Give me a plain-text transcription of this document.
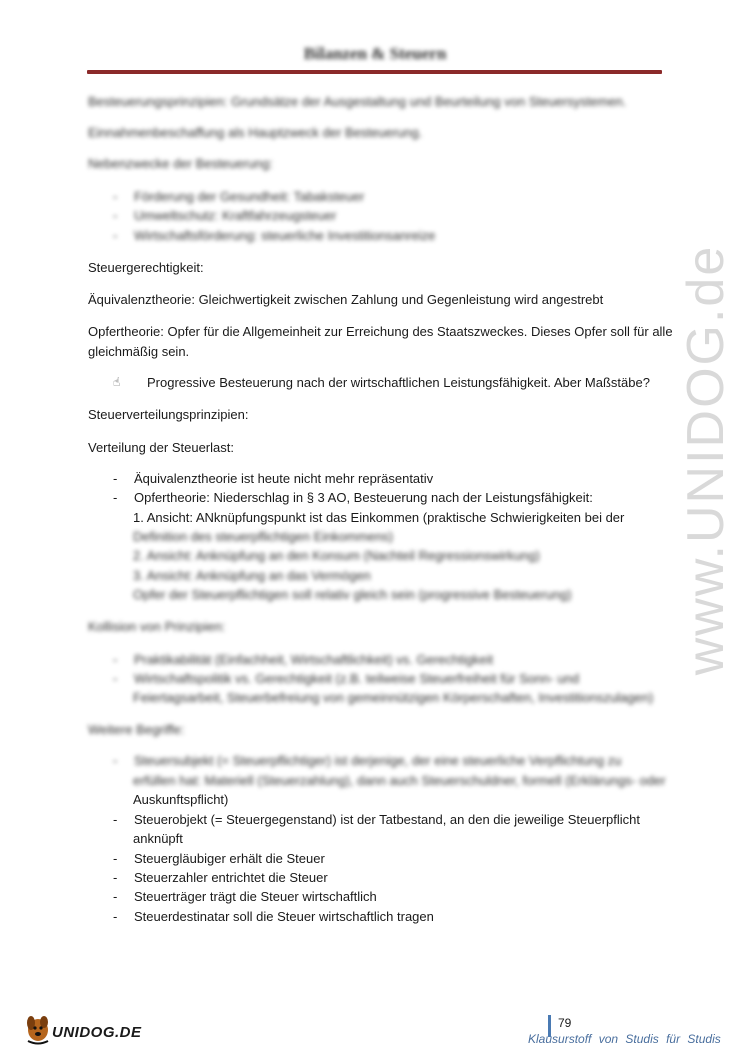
Bilanzen & Steuern
Besteuerungsprinzipien: Grundsätze der Ausgestaltung und Beurteilung von Steuersystemen.
Einnahmenbeschaffung als Hauptzweck der Besteuerung.
Nebenzwecke der Besteuerung:
- Förderung der Gesundheit: Tabaksteuer
- Umweltschutz: Kraftfahrzeugsteuer
- Wirtschaftsförderung: steuerliche Investitionsanreize
Steuergerechtigkeit:
Äquivalenztheorie: Gleichwertigkeit zwischen Zahlung und Gegenleistung wird angestrebt
Opfertheorie: Opfer für die Allgemeinheit zur Erreichung des Staatszweckes. Dieses Opfer soll für alle
gleichmäßig sein.
☝ Progressive Besteuerung nach der wirtschaftlichen Leistungsfähigkeit. Aber Maßstäbe?
Steuerverteilungsprinzipien:
Verteilung der Steuerlast:
- Äquivalenztheorie ist heute nicht mehr repräsentativ
- Opfertheorie: Niederschlag in § 3 AO, Besteuerung nach der Leistungsfähigkeit:
1. Ansicht: ANknüpfungspunkt ist das Einkommen (praktische Schwierigkeiten bei der
Definition des steuerpflichtigen Einkommens)
2. Ansicht: Anknüpfung an den Konsum (Nachteil Regressionswirkung)
3. Ansicht: Anknüpfung an das Vermögen
Opfer der Steuerpflichtigen soll relativ gleich sein (progressive Besteuerung)
Kollision von Prinzipien:
- Praktikabilität (Einfachheit, Wirtschaftlichkeit) vs. Gerechtigkeit
- Wirtschaftspolitik vs. Gerechtigkeit (z.B. teilweise Steuerfreiheit für Sonn- und
Feiertagsarbeit, Steuerbefreiung von gemeinnützigen Körperschaften, Investitionszulagen)
Weitere Begriffe:
- Steuersubjekt (= Steuerpflichtiger) ist derjenige, der eine steuerliche Verpflichtung zu
erfüllen hat: Materiell (Steuerzahlung), dann auch Steuerschuldner, formell (Erklärungs- oder
Auskunftspflicht)
- Steuerobjekt (= Steuergegenstand) ist der Tatbestand, an den die jeweilige Steuerpflicht
anknüpft
- Steuergläubiger erhält die Steuer
- Steuerzahler entrichtet die Steuer
- Steuerträger trägt die Steuer wirtschaftlich
- Steuerdestinatar soll die Steuer wirtschaftlich tragen
www.UNIDOG.de
UNIDOG.DE
79
Klausurstoff von Studis für Studis
